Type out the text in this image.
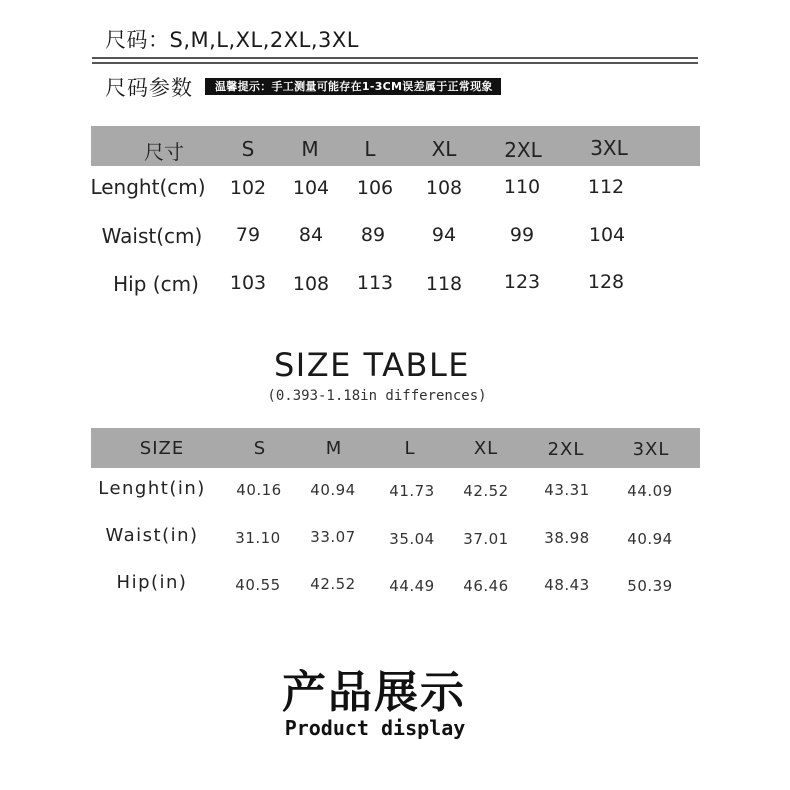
尺码：S,M,L,XL,2XL,3XL
尺码参数	温馨提示：手工测量可能存在1-3CM误差属于正常现象
尺寸	S M L	XL 2XL 3XL
Lenght(cm) 102 104 106 108 110	112
Waist(cm) 79 84 89 94	99	104
Hip (cm) 103 108 113 118 123	128
SIZE TABLE
(0.393-1.18in differences)
SIZE	S	M	L	XL	2XL	3XL
Lenght(in) 40.16 40.94 41.73 42.52 43.31	44.09
Waist(in) 31.10 33.07 35.04 37.01 38.98	40.94
Hip(in)	40.55 42.52 44.49 46.46 48.43	50.39
产品展示
Product display
